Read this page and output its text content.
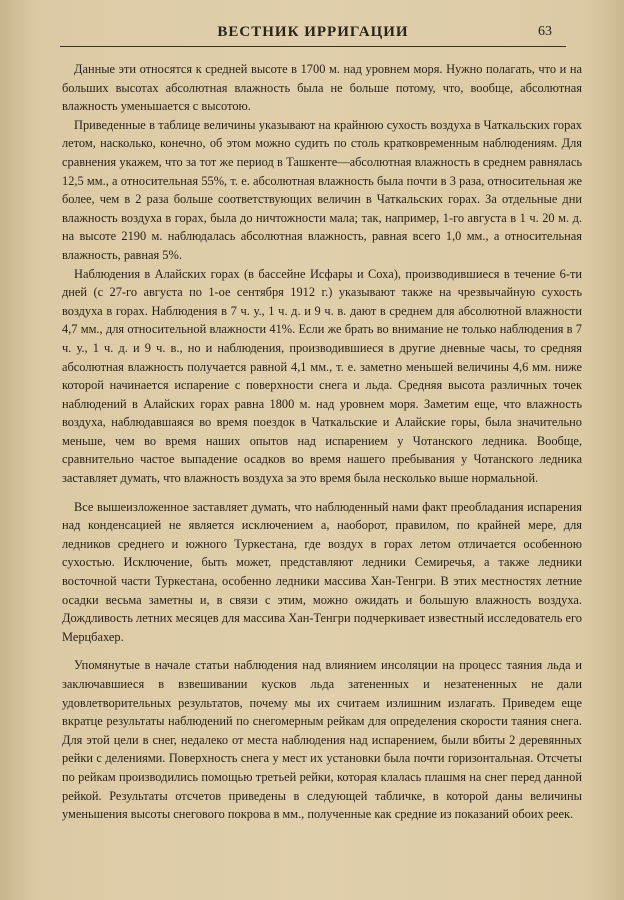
ВЕСТНИК ИРРИГАЦИИ	63

Данные эти относятся к средней высоте в 1700 м. над уровнем моря. Нужно полагать, что и на больших высотах абсолютная влажность была не больше потому, что, вообще, абсолютная влажность уменьшается с высотою.

Приведенные в таблице величины указывают на крайнюю сухость воздуха в Чаткальских горах летом, насколько, конечно, об этом можно судить по столь кратковременным наблюдениям. Для сравнения укажем, что за тот же период в Ташкенте—абсолютная влажность в среднем равнялась 12,5 мм., а относительная 55%, т. е. абсолютная влажность была почти в 3 раза, относительная же более, чем в 2 раза больше соответствующих величин в Чаткальских горах. За отдельные дни влажность воздуха в горах, была до ничтожности мала; так, например, 1-го августа в 1 ч. 20 м. д. на высоте 2190 м. наблюдалась абсолютная влажность, равная всего 1,0 мм., а относительная влажность, равная 5%.

Наблюдения в Алайских горах (в бассейне Исфары и Соха), производившиеся в течение 6-ти дней (с 27-го августа по 1-ое сентября 1912 г.) указывают также на чрезвычайную сухость воздуха в горах. Наблюдения в 7 ч. у., 1 ч. д. и 9 ч. в. дают в среднем для абсолютной влажности 4,7 мм., для относительной влажности 41%. Если же брать во внимание не только наблюдения в 7 ч. у., 1 ч. д. и 9 ч. в., но и наблюдения, производившиеся в другие дневные часы, то средняя абсолютная влажность получается равной 4,1 мм., т. е. заметно меньшей величины 4,6 мм. ниже которой начинается испарение с поверхности снега и льда. Средняя высота различных точек наблюдений в Алайских горах равна 1800 м. над уровнем моря. Заметим еще, что влажность воздуха, наблюдавшаяся во время поездок в Чаткальские и Алайские горы, была значительно меньше, чем во время наших опытов над испарением у Чотанского ледника. Вообще, сравнительно частое выпадение осадков во время нашего пребывания у Чотанского ледника заставляет думать, что влажность воздуха за это время была несколько выше нормальной.

Все вышеизложенное заставляет думать, что наблюденный нами факт преобладания испарения над конденсацией не является исключением а, наоборот, правилом, по крайней мере, для ледников среднего и южного Туркестана, где воздух в горах летом отличается особенною сухостью. Исключение, быть может, представляют ледники Семиречья, а также ледники восточной части Туркестана, особенно ледники массива Хан-Тенгри. В этих местностях летние осадки весьма заметны и, в связи с этим, можно ожидать и большую влажность воздуха. Дождливость летних месяцев для массива Хан-Тенгри подчеркивает известный исследователь его Мерцбахер.

Упомянутые в начале статьи наблюдения над влиянием инсоляции на процесс таяния льда и заключавшиеся в взвешивании кусков льда затененных и незатененных не дали удовлетворительных результатов, почему мы их считаем излишним излагать. Приведем еще вкратце результаты наблюдений по снегомерным рейкам для определения скорости таяния снега. Для этой цели в снег, недалеко от места наблюдения над испарением, были вбиты 2 деревянных рейки с делениями. Поверхность снега у мест их установки была почти горизонтальная. Отсчеты по рейкам производились помощью третьей рейки, которая клалась плашмя на снег перед данной рейкой. Результаты отсчетов приведены в следующей табличке, в которой даны величины уменьшения высоты снегового покрова в мм., полученные как средние из показаний обоих реек.
